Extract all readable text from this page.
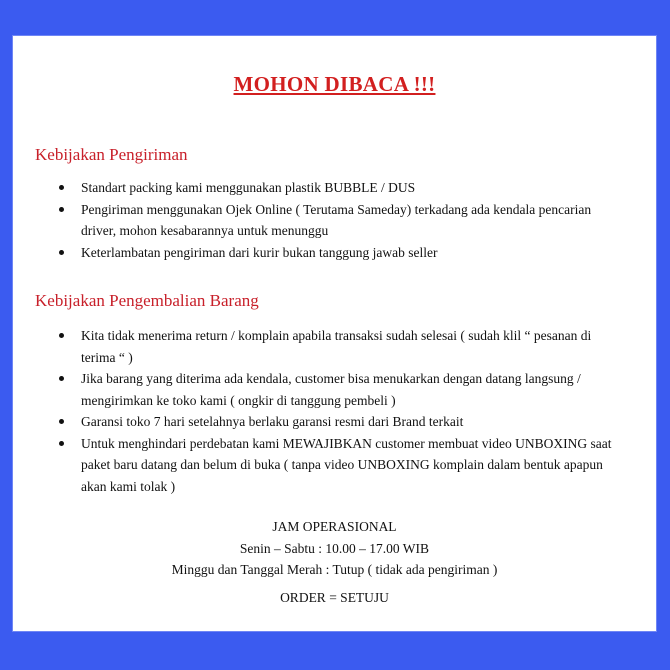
MOHON DIBACA !!!
Kebijakan Pengiriman
Standart packing kami menggunakan plastik BUBBLE / DUS
Pengiriman menggunakan Ojek Online ( Terutama Sameday) terkadang ada kendala pencarian driver, mohon kesabarannya untuk menunggu
Keterlambatan pengiriman dari kurir bukan tanggung jawab seller
Kebijakan Pengembalian Barang
Kita tidak menerima return / komplain apabila transaksi sudah selesai ( sudah klil “ pesanan di terima “ )
Jika barang yang diterima ada kendala, customer bisa menukarkan dengan datang langsung / mengirimkan ke toko kami ( ongkir di tanggung pembeli )
Garansi toko 7 hari setelahnya berlaku garansi resmi dari Brand terkait
Untuk menghindari perdebatan kami MEWAJIBKAN customer membuat video UNBOXING saat paket baru datang dan belum di buka ( tanpa video UNBOXING komplain dalam bentuk apapun akan kami tolak )
JAM OPERASIONAL
Senin – Sabtu : 10.00 – 17.00 WIB
Minggu dan Tanggal Merah : Tutup ( tidak ada pengiriman )
ORDER = SETUJU
